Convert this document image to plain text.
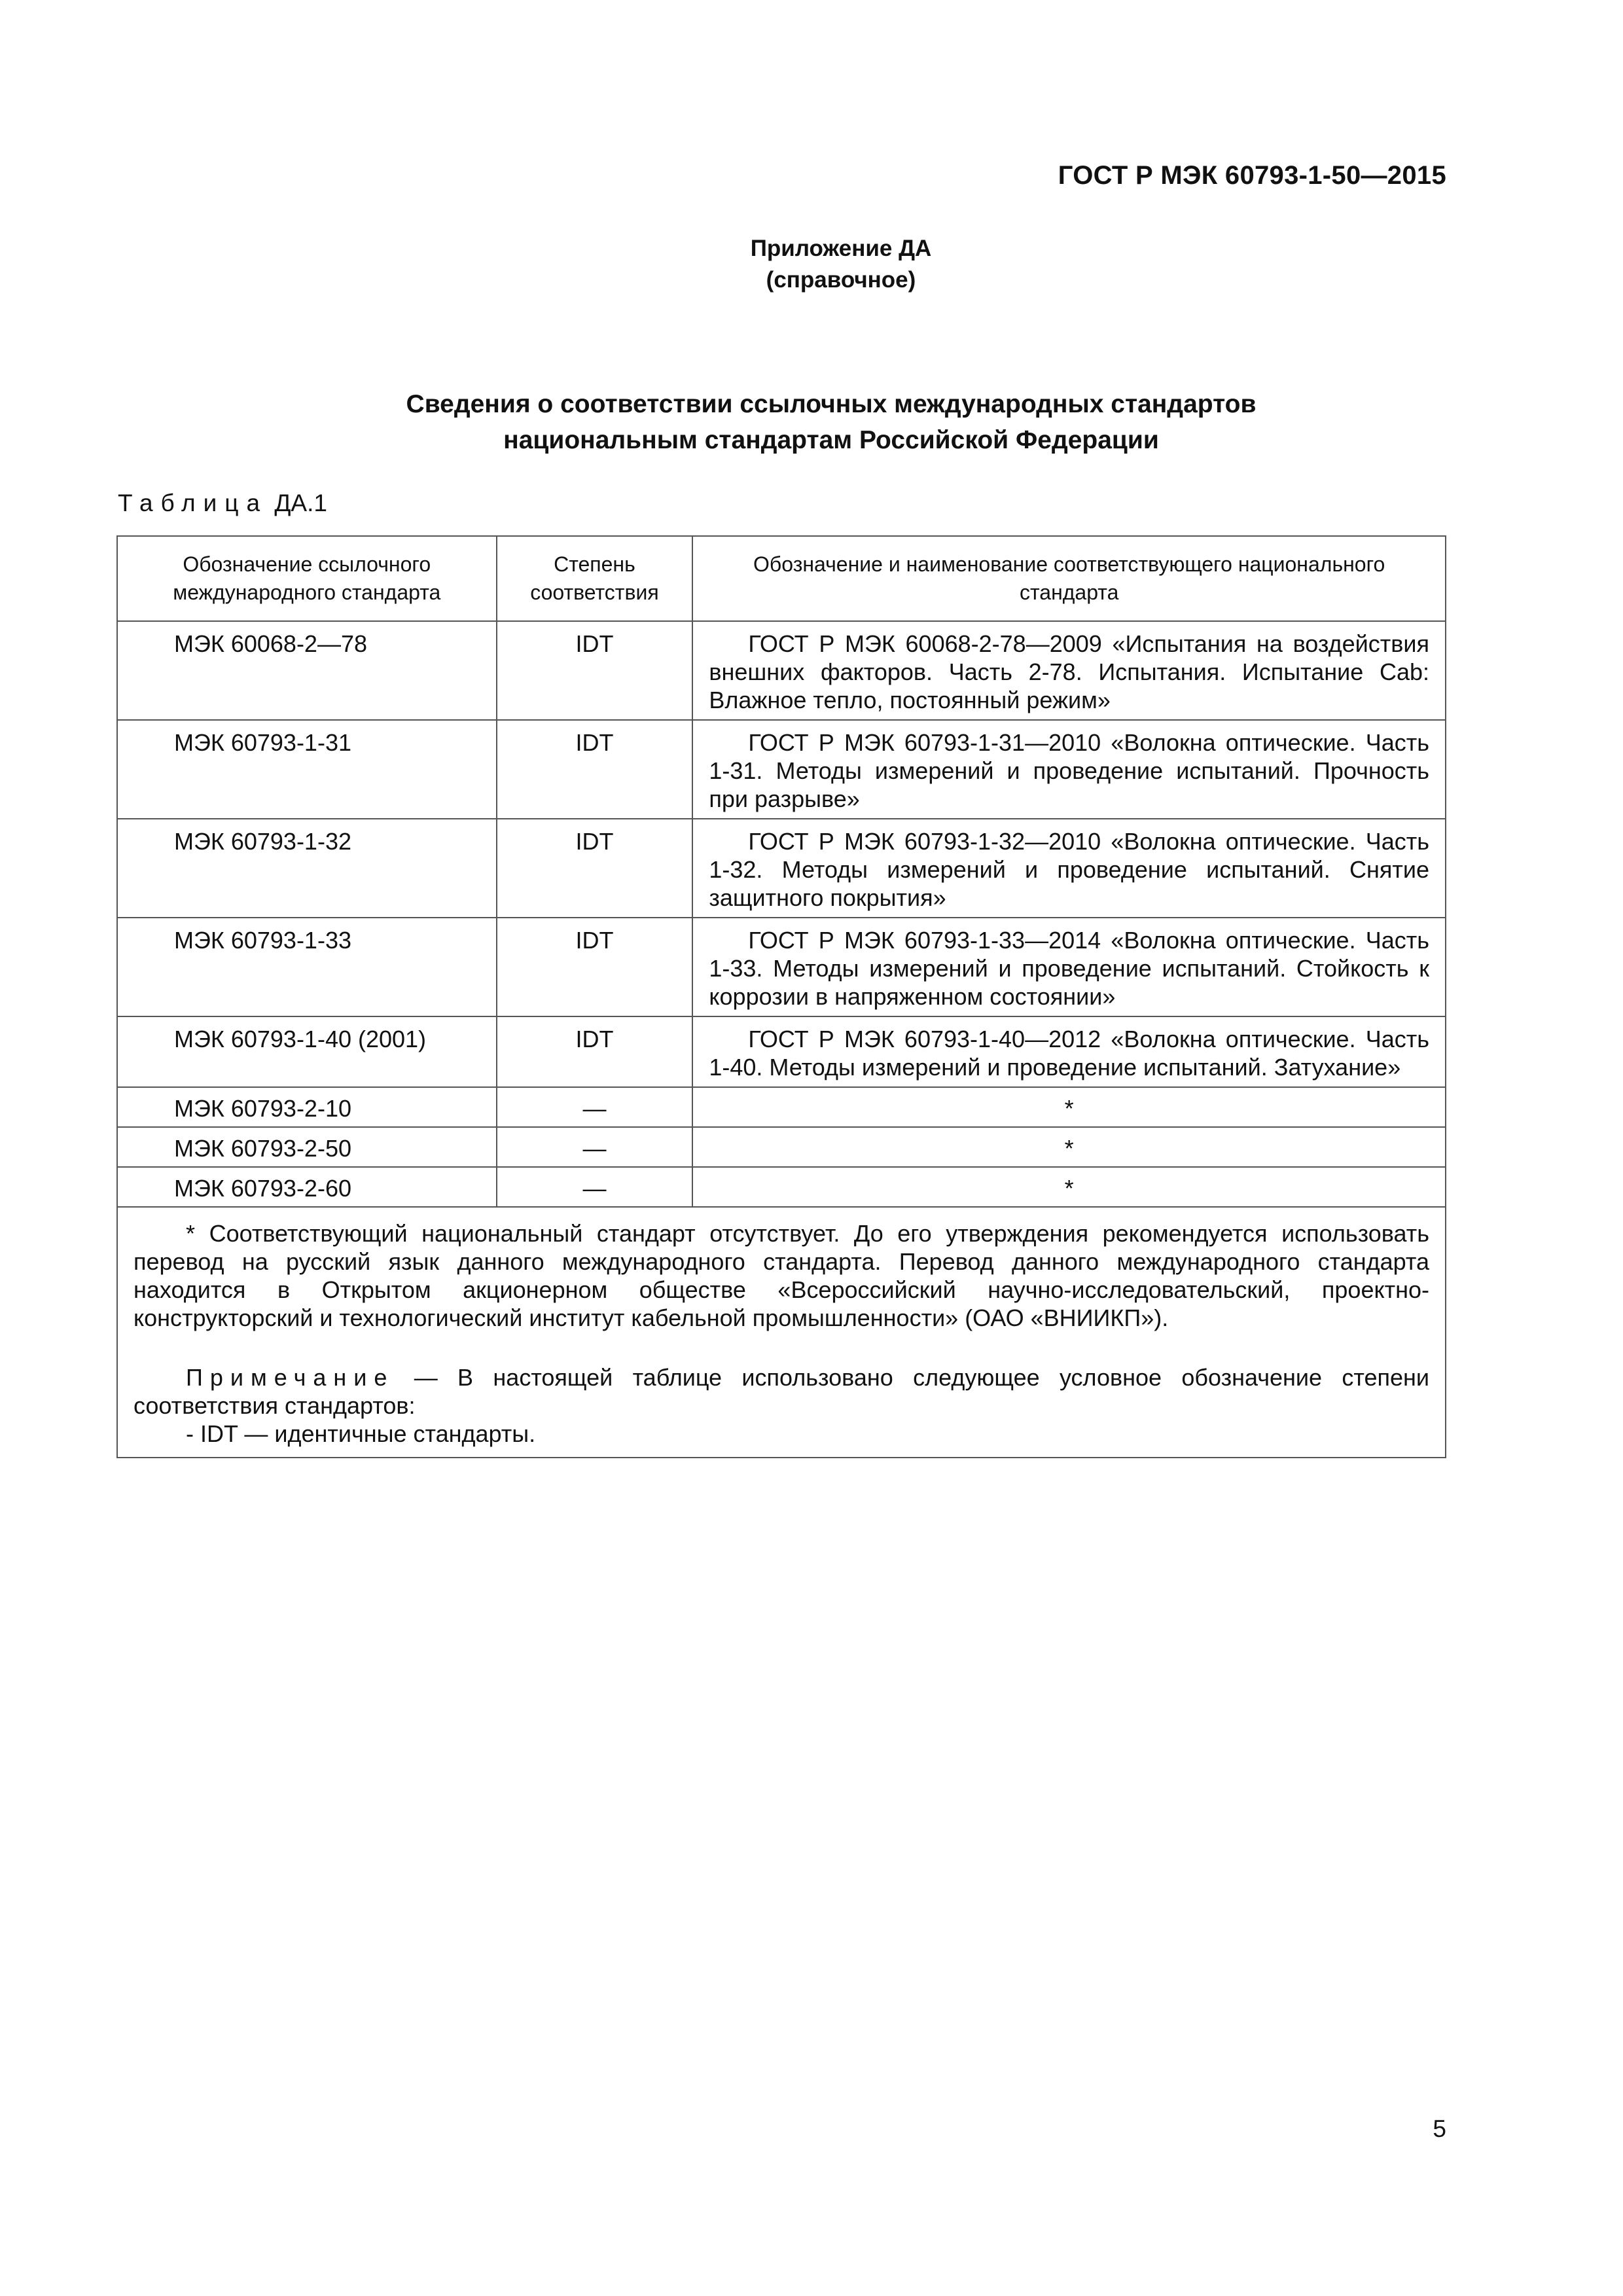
ГОСТ Р МЭК 60793-1-50—2015
Приложение ДА
(справочное)
Сведения о соответствии ссылочных международных стандартов
национальным стандартам Российской Федерации
Таблица ДА.1
Обозначение ссылочного международного стандарта	Степень соответствия	Обозначение и наименование соответствующего национального стандарта
МЭК 60068-2—78	IDT	ГОСТ Р МЭК 60068-2-78—2009 «Испытания на воздействия внешних факторов. Часть 2-78. Испытания. Испытание Cab: Влажное тепло, постоянный режим»
МЭК 60793-1-31	IDT	ГОСТ Р МЭК 60793-1-31—2010 «Волокна оптические. Часть 1-31. Методы измерений и проведение испытаний. Прочность при разрыве»
МЭК 60793-1-32	IDT	ГОСТ Р МЭК 60793-1-32—2010 «Волокна оптические. Часть 1-32. Методы измерений и проведение испытаний. Снятие защитного покрытия»
МЭК 60793-1-33	IDT	ГОСТ Р МЭК 60793-1-33—2014 «Волокна оптические. Часть 1-33. Методы измерений и проведение испытаний. Стойкость к коррозии в напряженном состоянии»
МЭК 60793-1-40 (2001)	IDT	ГОСТ Р МЭК 60793-1-40—2012 «Волокна оптические. Часть 1-40. Методы измерений и проведение испытаний. Затухание»
МЭК 60793-2-10	—	*
МЭК 60793-2-50	—	*
МЭК 60793-2-60	—	*

* Соответствующий национальный стандарт отсутствует. До его утверждения рекомендуется использовать перевод на русский язык данного международного стандарта. Перевод данного международного стандарта находится в Открытом акционерном обществе «Всероссийский научно-исследовательский, проектно-конструкторский и технологический институт кабельной промышленности» (ОАО «ВНИИКП»).

Примечание — В настоящей таблице использовано следующее условное обозначение степени соответствия стандартов:

- IDT — идентичные стандарты.		

5
